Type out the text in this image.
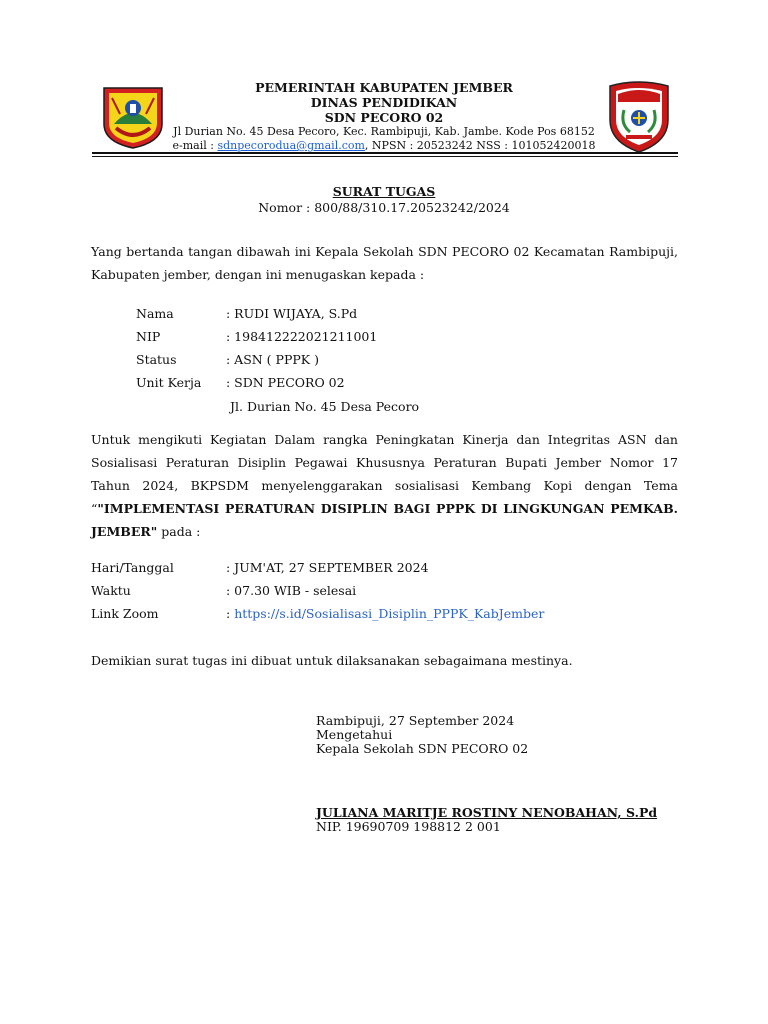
PEMERINTAH KABUPATEN JEMBER
DINAS PENDIDIKAN
SDN PECORO 02
Jl Durian No. 45 Desa Pecoro, Kec. Rambipuji, Kab. Jambe. Kode Pos 68152
e-mail : sdnpecorodua@gmail.com, NPSN : 20523242 NSS : 101052420018
SURAT TUGAS
Nomor : 800/88/310.17.20523242/2024
Yang bertanda tangan dibawah ini Kepala Sekolah SDN PECORO 02 Kecamatan Rambipuji, Kabupaten jember, dengan ini menugaskan kepada :
Nama	: RUDI WIJAYA, S.Pd
NIP	: 198412222021211001
Status	: ASN ( PPPK )
Unit Kerja : SDN PECORO 02
Jl. Durian No. 45 Desa Pecoro
Untuk mengikuti Kegiatan Dalam rangka Peningkatan Kinerja dan Integritas ASN dan Sosialisasi Peraturan Disiplin Pegawai Khususnya Peraturan Bupati Jember Nomor 17 Tahun 2024, BKPSDM menyelenggarakan sosialisasi Kembang Kopi dengan Tema “"IMPLEMENTASI PERATURAN DISIPLIN BAGI PPPK DI LINGKUNGAN PEMKAB. JEMBER" pada :
Hari/Tanggal	: JUM'AT, 27 SEPTEMBER 2024
Waktu	: 07.30 WIB - selesai
Link Zoom	: https://s.id/Sosialisasi_Disiplin_PPPK_KabJember
Demikian surat tugas ini dibuat untuk dilaksanakan sebagaimana mestinya.
Rambipuji, 27 September 2024
Mengetahui
Kepala Sekolah SDN PECORO 02
JULIANA MARITJE ROSTINY NENOBAHAN, S.Pd
NIP. 19690709 198812 2 001
